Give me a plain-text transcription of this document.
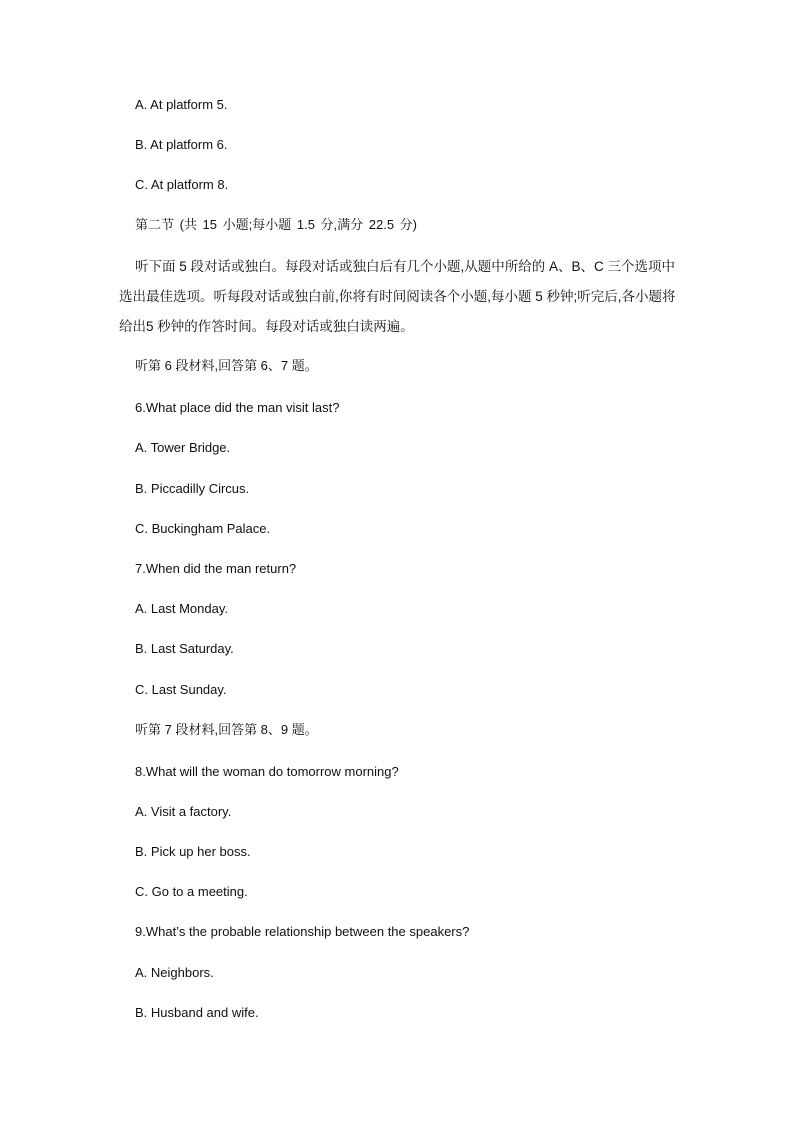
A. At platform 5.
B. At platform 6.
C. At platform 8.
第二节 (共 15 小题;每小题 1.5 分,满分 22.5 分)
听下面 5 段对话或独白。每段对话或独白后有几个小题,从题中所给的 A、B、C 三个选项中选出最佳选项。听每段对话或独白前,你将有时间阅读各个小题,每小题 5 秒钟;听完后,各小题将给出5 秒钟的作答时间。每段对话或独白读两遍。
听第 6 段材料,回答第 6、7 题。
6.What place did the man visit last?
A. Tower Bridge.
B. Piccadilly Circus.
C. Buckingham Palace.
7.When did the man return?
A. Last Monday.
B. Last Saturday.
C. Last Sunday.
听第 7 段材料,回答第 8、9 题。
8.What will the woman do tomorrow morning?
A. Visit a factory.
B. Pick up her boss.
C. Go to a meeting.
9.What’s the probable relationship between the speakers?
A. Neighbors.
B. Husband and wife.
